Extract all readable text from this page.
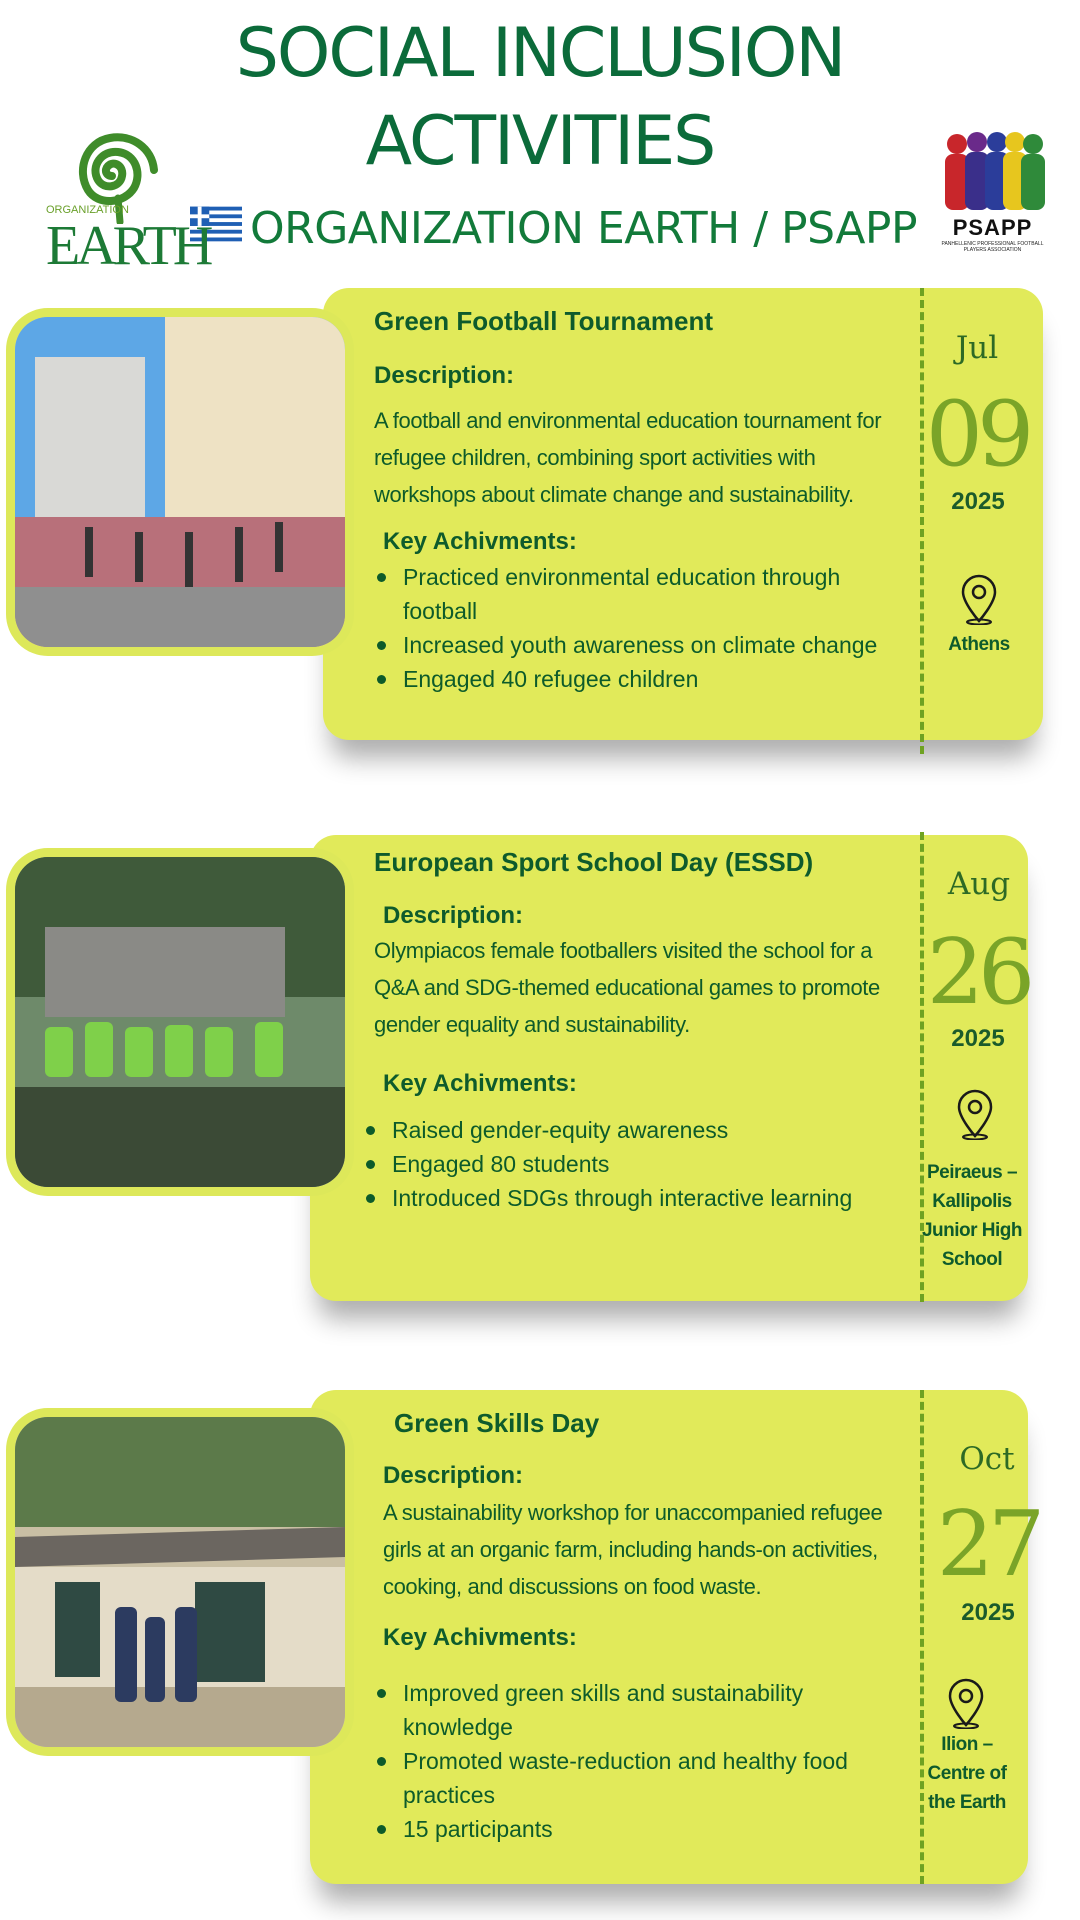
SOCIAL INCLUSION
ACTIVITIES
ORGANIZATION EARTH / PSAPP
ORGANIZATION
EARTH	PSAPP
PANHELLENIC PROFESSIONAL FOOTBALL PLAYERS ASSOCIATION
Green Football Tournament
Description:
A football and environmental education tournament for refugee children, combining sport activities with workshops about climate change and sustainability.
Key Achivments:
Practiced environmental education through football
Increased youth awareness on climate change
Engaged 40 refugee children
Jul
09
2025
Athens
European Sport School Day (ESSD)
Description:
Olympiacos female footballers visited the school for a Q&A and SDG-themed educational games to promote gender equality and sustainability.
Key Achivments:
Raised gender-equity awareness
Engaged 80 students
Introduced SDGs through interactive learning
Aug
26
2025
Peiraeus – Kallipolis Junior High School
Green Skills Day
Description:
A sustainability workshop for unaccompanied refugee girls at an organic farm, including hands-on activities, cooking, and discussions on food waste.
Key Achivments:
Improved green skills and sustainability knowledge
Promoted waste-reduction and healthy food practices
15 participants
Oct
27
2025
Ilion – Centre of the Earth
